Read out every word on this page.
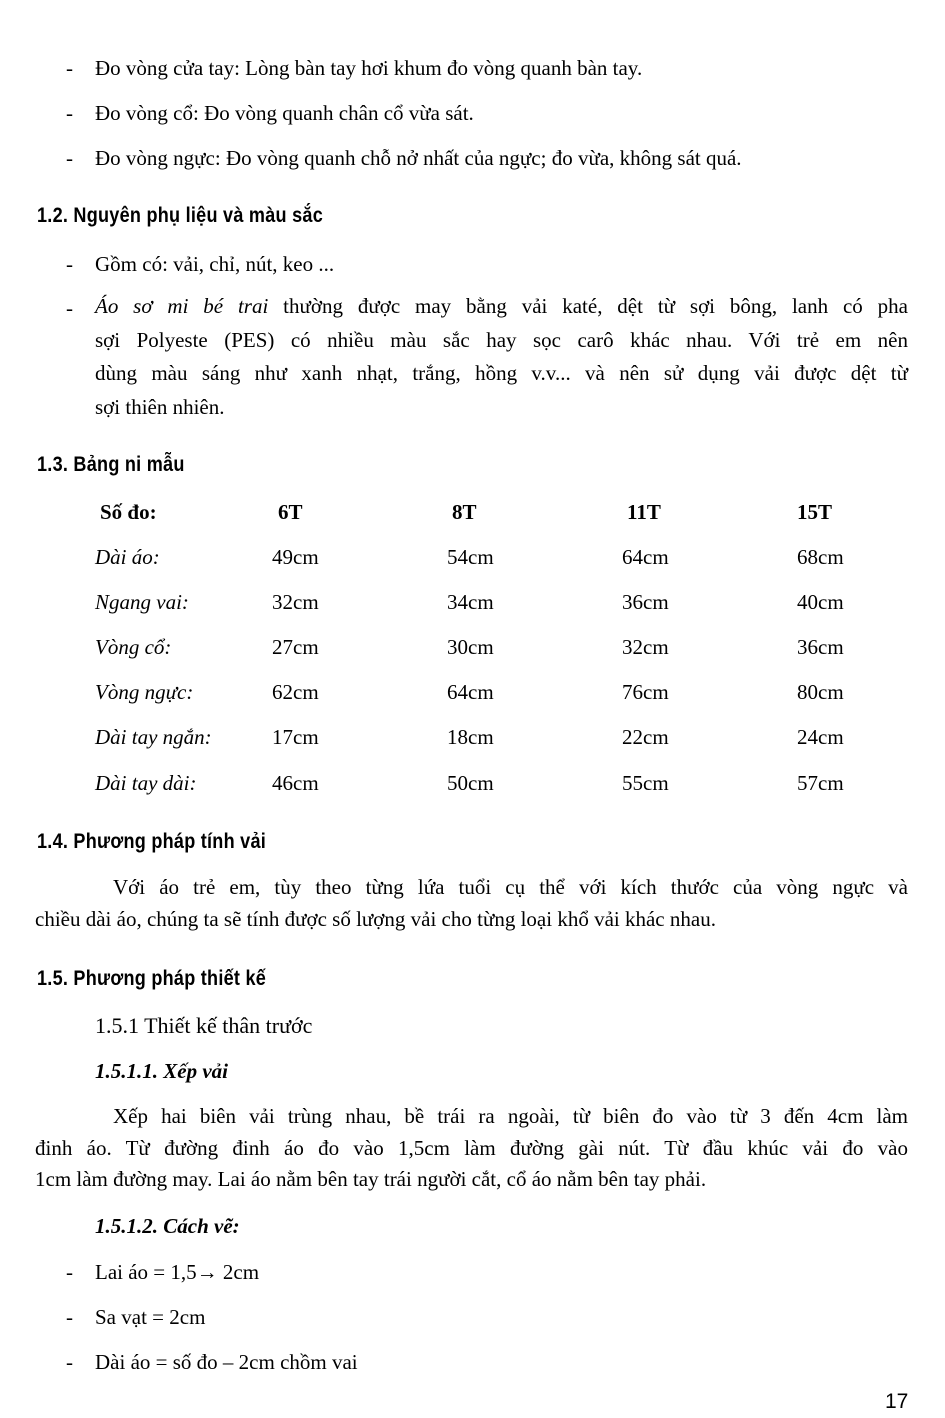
- Đo vòng cửa tay: Lòng bàn tay hơi khum đo vòng quanh bàn tay.
- Đo vòng cổ: Đo vòng quanh chân cổ vừa sát.
- Đo vòng ngực: Đo vòng quanh chỗ nở nhất của ngực; đo vừa, không sát quá.
1.2. Nguyên phụ liệu và màu sắc
- Gồm có: vải, chỉ, nút, keo ...
- Áo sơ mi bé trai thường được may bằng vải katé, dệt từ sợi bông, lanh có pha
sợi Polyeste (PES) có nhiều màu sắc hay sọc carô khác nhau. Với trẻ em nên
dùng màu sáng như xanh nhạt, trắng, hồng v.v... và nên sử dụng vải được dệt từ
sợi thiên nhiên.
1.3. Bảng ni mẫu
Số đo:	6T	8T	11T	15T
Dài áo:	49cm	54cm	64cm	68cm
Ngang vai:	32cm	34cm	36cm	40cm
Vòng cổ:	27cm	30cm	32cm	36cm
Vòng ngực:	62cm	64cm	76cm	80cm
Dài tay ngắn:	17cm	18cm	22cm	24cm
Dài tay dài:	46cm	50cm	55cm	57cm
1.4. Phương pháp tính vải
Với áo trẻ em, tùy theo từng lứa tuổi cụ thể với kích thước của vòng ngực và
chiều dài áo, chúng ta sẽ tính được số lượng vải cho từng loại khổ vải khác nhau.
1.5. Phương pháp thiết kế
1.5.1 Thiết kế thân trước
1.5.1.1. Xếp vải
Xếp hai biên vải trùng nhau, bề trái ra ngoài, từ biên đo vào từ 3 đến 4cm làm
đinh áo. Từ đường đinh áo đo vào 1,5cm làm đường gài nút. Từ đầu khúc vải đo vào
1cm làm đường may. Lai áo nằm bên tay trái người cắt, cổ áo nằm bên tay phải.
1.5.1.2. Cách vẽ:
- Lai áo = 1,5→ 2cm
- Sa vạt = 2cm
- Dài áo = số đo – 2cm chồm vai
17
